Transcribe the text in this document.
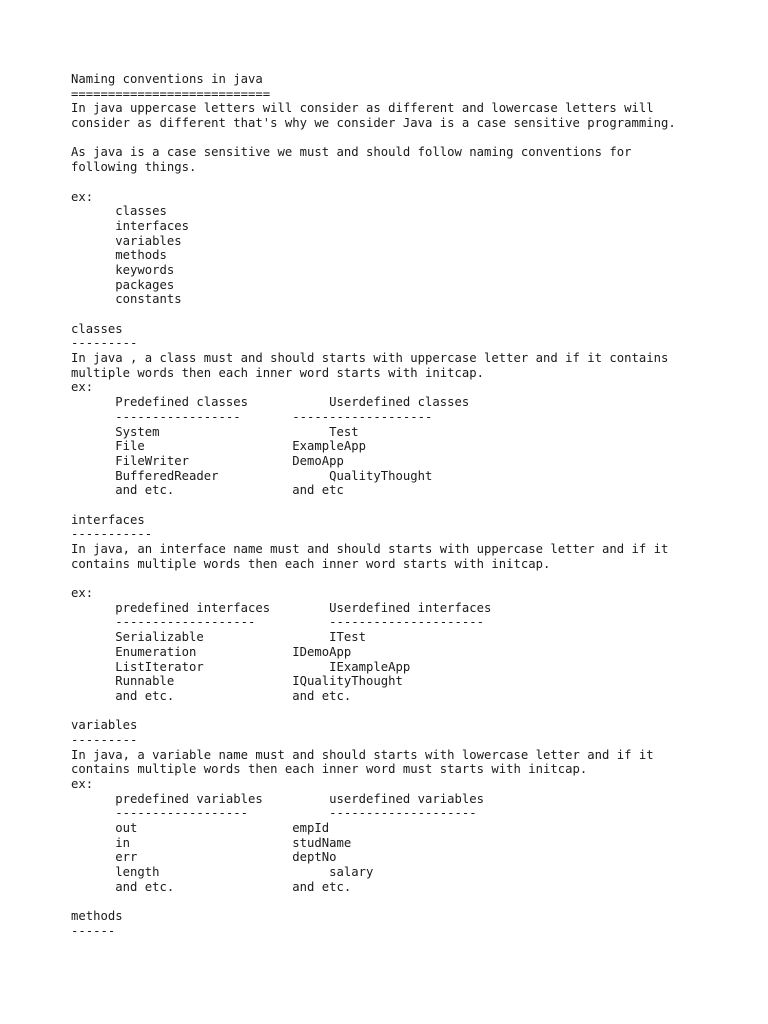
Naming conventions in java
===========================
In java uppercase letters will consider as different and lowercase letters will
consider as different that's why we consider Java is a case sensitive programming.
As java is a case sensitive we must and should follow naming conventions for
following things.
ex:
classes
interfaces
variables
methods
keywords
packages
constants
classes
---------
In java , a class must and should starts with uppercase letter and if it contains
multiple words then each inner word starts with initcap.
ex:
Predefined classes           Userdefined classes
-----------------       -------------------
System                       Test
File                    ExampleApp
FileWriter              DemoApp
BufferedReader               QualityThought
and etc.                and etc
interfaces
-----------
In java, an interface name must and should starts with uppercase letter and if it
contains multiple words then each inner word starts with initcap.
ex:
predefined interfaces        Userdefined interfaces
-------------------          ---------------------
Serializable                 ITest
Enumeration             IDemoApp
ListIterator                 IExampleApp
Runnable                IQualityThought
and etc.                and etc.
variables
---------
In java, a variable name must and should starts with lowercase letter and if it
contains multiple words then each inner word must starts with initcap.
ex:
predefined variables         userdefined variables
------------------           --------------------
out                     empId
in                      studName
err                     deptNo
length                       salary
and etc.                and etc.
methods
------
